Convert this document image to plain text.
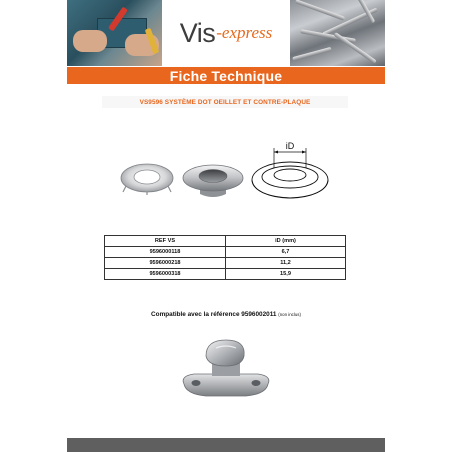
Vis -express
Fiche Technique
VS9596 SYSTÈME DOT OEILLET ET CONTRE-PLAQUE
iD
REF VS	iD (mm)
9596000118	6,7
9596000218	11,2
9596000318	15,9
Compatible avec la référence 9596002011 (non inclus)
